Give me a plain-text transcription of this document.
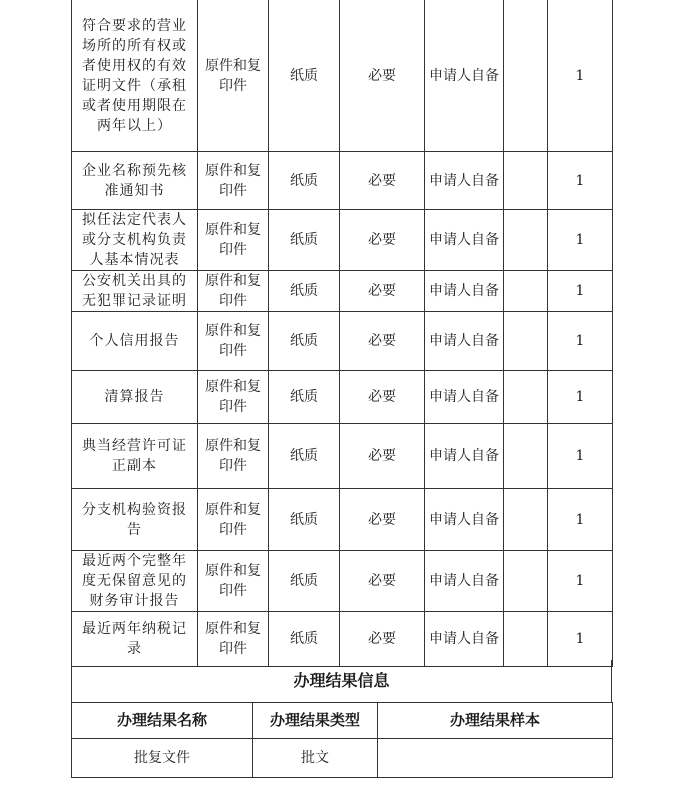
符合要求的营业场所的所有权或者使用权的有效证明文件（承租或者使用期限在两年以上）	原件和复印件	纸质	必要	申请人自备		1
企业名称预先核准通知书	原件和复印件	纸质	必要	申请人自备		1
拟任法定代表人或分支机构负责人基本情况表	原件和复印件	纸质	必要	申请人自备		1
公安机关出具的无犯罪记录证明	原件和复印件	纸质	必要	申请人自备		1
个人信用报告	原件和复印件	纸质	必要	申请人自备		1
清算报告	原件和复印件	纸质	必要	申请人自备		1
典当经营许可证正副本	原件和复印件	纸质	必要	申请人自备		1
分支机构验资报告	原件和复印件	纸质	必要	申请人自备		1
最近两个完整年度无保留意见的财务审计报告	原件和复印件	纸质	必要	申请人自备		1
最近两年纳税记录	原件和复印件	纸质	必要	申请人自备		1
办理结果信息
办理结果名称	办理结果类型	办理结果样本
批复文件	批文	
